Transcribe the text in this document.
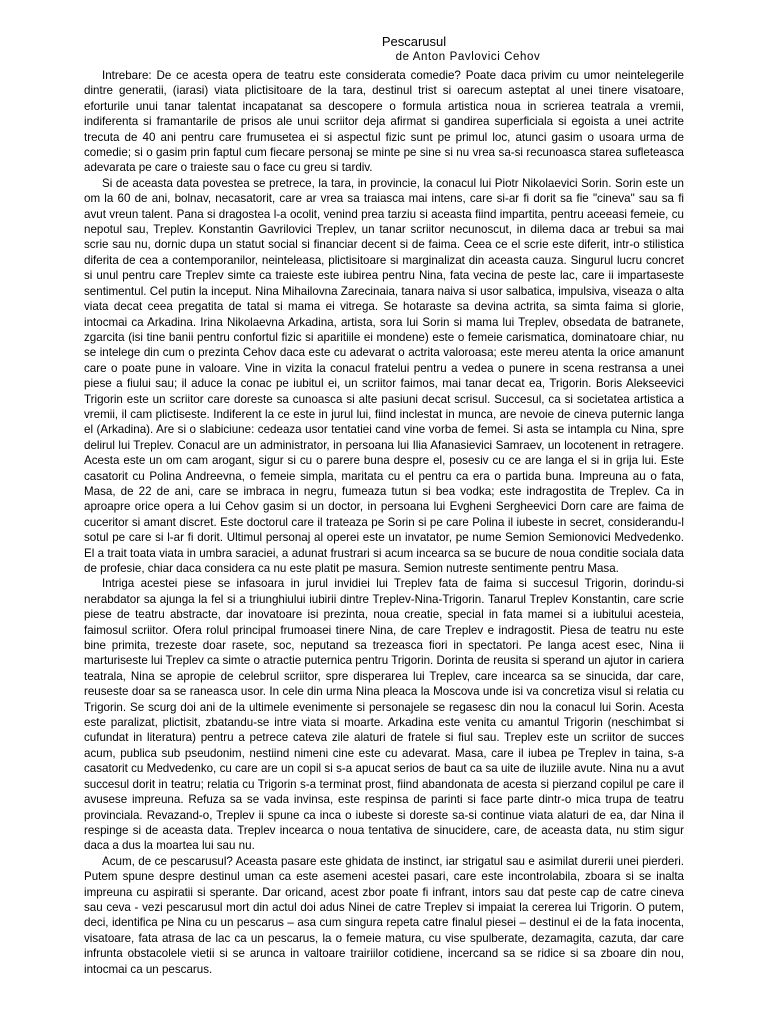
Pescarusul
de Anton Pavlovici Cehov

Intrebare: De ce acesta opera de teatru este considerata comedie? Poate daca privim cu umor neintelegerile dintre generatii, (iarasi) viata plictisitoare de la tara, destinul trist si oarecum asteptat al unei tinere visatoare, eforturile unui tanar talentat incapatanat sa descopere o formula artistica noua in scrierea teatrala a vremii, indiferenta si framantarile de prisos ale unui scriitor deja afirmat si gandirea superficiala si egoista a unei actrite trecuta de 40 ani pentru care frumusetea ei si aspectul fizic sunt pe primul loc, atunci gasim o usoara urma de comedie; si o gasim prin faptul cum fiecare personaj se minte pe sine si nu vrea sa-si recunoasca starea sufleteasca adevarata pe care o traieste sau o face cu greu si tardiv.

Si de aceasta data povestea se pretrece, la tara, in provincie, la conacul lui Piotr Nikolaevici Sorin. Sorin este un om la 60 de ani, bolnav, necasatorit, care ar vrea sa traiasca mai intens, care si-ar fi dorit sa fie "cineva" sau sa fi avut vreun talent. Pana si dragostea l-a ocolit, venind prea tarziu si aceasta fiind impartita, pentru aceeasi femeie, cu nepotul sau, Treplev. Konstantin Gavrilovici Treplev, un tanar scriitor necunoscut, in dilema daca ar trebui sa mai scrie sau nu, dornic dupa un statut social si financiar decent si de faima. Ceea ce el scrie este diferit, intr-o stilistica diferita de cea a contemporanilor, neinteleasa, plictisitoare si marginalizat din aceasta cauza. Singurul lucru concret si unul pentru care Treplev simte ca traieste este iubirea pentru Nina, fata vecina de peste lac, care ii impartaseste sentimentul. Cel putin la inceput. Nina Mihailovna Zarecinaia, tanara naiva si usor salbatica, impulsiva, viseaza o alta viata decat ceea pregatita de tatal si mama ei vitrega. Se hotaraste sa devina actrita, sa simta faima si glorie, intocmai ca Arkadina. Irina Nikolaevna Arkadina, artista, sora lui Sorin si mama lui Treplev, obsedata de batranete, zgarcita (isi tine banii pentru confortul fizic si aparitiile ei mondene) este o femeie carismatica, dominatoare chiar, nu se intelege din cum o prezinta Cehov daca este cu adevarat o actrita valoroasa; este mereu atenta la orice amanunt care o poate pune in valoare. Vine in vizita la conacul fratelui pentru a vedea o punere in scena restransa a unei piese a fiului sau; il aduce la conac pe iubitul ei, un scriitor faimos, mai tanar decat ea, Trigorin. Boris Alekseevici Trigorin este un scriitor care doreste sa cunoasca si alte pasiuni decat scrisul. Succesul, ca si societatea artistica a vremii, il cam plictiseste. Indiferent la ce este in jurul lui, fiind inclestat in munca, are nevoie de cineva puternic langa el (Arkadina). Are si o slabiciune: cedeaza usor tentatiei cand vine vorba de femei. Si asta se intampla cu Nina, spre delirul lui Treplev. Conacul are un administrator, in persoana lui Ilia Afanasievici Samraev, un locotenent in retragere. Acesta este un om cam arogant, sigur si cu o parere buna despre el, posesiv cu ce are langa el si in grija lui. Este casatorit cu Polina Andreevna, o femeie simpla, maritata cu el pentru ca era o partida buna. Impreuna au o fata, Masa, de 22 de ani, care se imbraca in negru, fumeaza tutun si bea vodka; este indragostita de Treplev. Ca in aproapre orice opera a lui Cehov gasim si un doctor, in persoana lui Evgheni Sergheevici Dorn care are faima de cuceritor si amant discret. Este doctorul care il trateaza pe Sorin si pe care Polina il iubeste in secret, considerandu-l sotul pe care si l-ar fi dorit. Ultimul personaj al operei este un invatator, pe nume Semion Semionovici Medvedenko. El a trait toata viata in umbra saraciei, a adunat frustrari si acum incearca sa se bucure de noua conditie sociala data de profesie, chiar daca considera ca nu este platit pe masura. Semion nutreste sentimente pentru Masa.

Intriga acestei piese se infasoara in jurul invidiei lui Treplev fata de faima si succesul Trigorin, dorindu-si nerabdator sa ajunga la fel si a triunghiului iubirii dintre Treplev-Nina-Trigorin. Tanarul Treplev Konstantin, care scrie piese de teatru abstracte, dar inovatoare isi prezinta, noua creatie, special in fata mamei si a iubitului acesteia, faimosul scriitor. Ofera rolul principal frumoasei tinere Nina, de care Treplev e indragostit. Piesa de teatru nu este bine primita, trezeste doar rasete, soc, neputand sa trezeasca fiori in spectatori. Pe langa acest esec, Nina ii marturiseste lui Treplev ca simte o atractie puternica pentru Trigorin. Dorinta de reusita si sperand un ajutor in cariera teatrala, Nina se apropie de celebrul scriitor, spre disperarea lui Treplev, care incearca sa se sinucida, dar care, reuseste doar sa se raneasca usor. In cele din urma Nina pleaca la Moscova unde isi va concretiza visul si relatia cu Trigorin. Se scurg doi ani de la ultimele evenimente si personajele se regasesc din nou la conacul lui Sorin. Acesta este paralizat, plictisit, zbatandu-se intre viata si moarte. Arkadina este venita cu amantul Trigorin (neschimbat si cufundat in literatura) pentru a petrece cateva zile alaturi de fratele si fiul sau. Treplev este un scriitor de succes acum, publica sub pseudonim, nestiind nimeni cine este cu adevarat. Masa, care il iubea pe Treplev in taina, s-a casatorit cu Medvedenko, cu care are un copil si s-a apucat serios de baut ca sa uite de iluziile avute. Nina nu a avut succesul dorit in teatru; relatia cu Trigorin s-a terminat prost, fiind abandonata de acesta si pierzand copilul pe care il avusese impreuna. Refuza sa se vada invinsa, este respinsa de parinti si face parte dintr-o mica trupa de teatru provinciala. Revazand-o, Treplev ii spune ca inca o iubeste si doreste sa-si continue viata alaturi de ea, dar Nina il respinge si de aceasta data. Treplev incearca o noua tentativa de sinucidere, care, de aceasta data, nu stim sigur daca a dus la moartea lui sau nu.

Acum, de ce pescarusul? Aceasta pasare este ghidata de instinct, iar strigatul sau e asimilat durerii unei pierderi. Putem spune despre destinul uman ca este asemeni acestei pasari, care este incontrolabila, zboara si se inalta impreuna cu aspiratii si sperante. Dar oricand, acest zbor poate fi infrant, intors sau dat peste cap de catre cineva sau ceva - vezi pescarusul mort din actul doi adus Ninei de catre Treplev si impaiat la cererea lui Trigorin. O putem, deci, identifica pe Nina cu un pescarus – asa cum singura repeta catre finalul piesei – destinul ei de la fata inocenta, visatoare, fata atrasa de lac ca un pescarus, la o femeie matura, cu vise spulberate, dezamagita, cazuta, dar care infrunta obstacolele vietii si se arunca in valtoare trairiilor cotidiene, incercand sa se ridice si sa zboare din nou, intocmai ca un pescarus.
